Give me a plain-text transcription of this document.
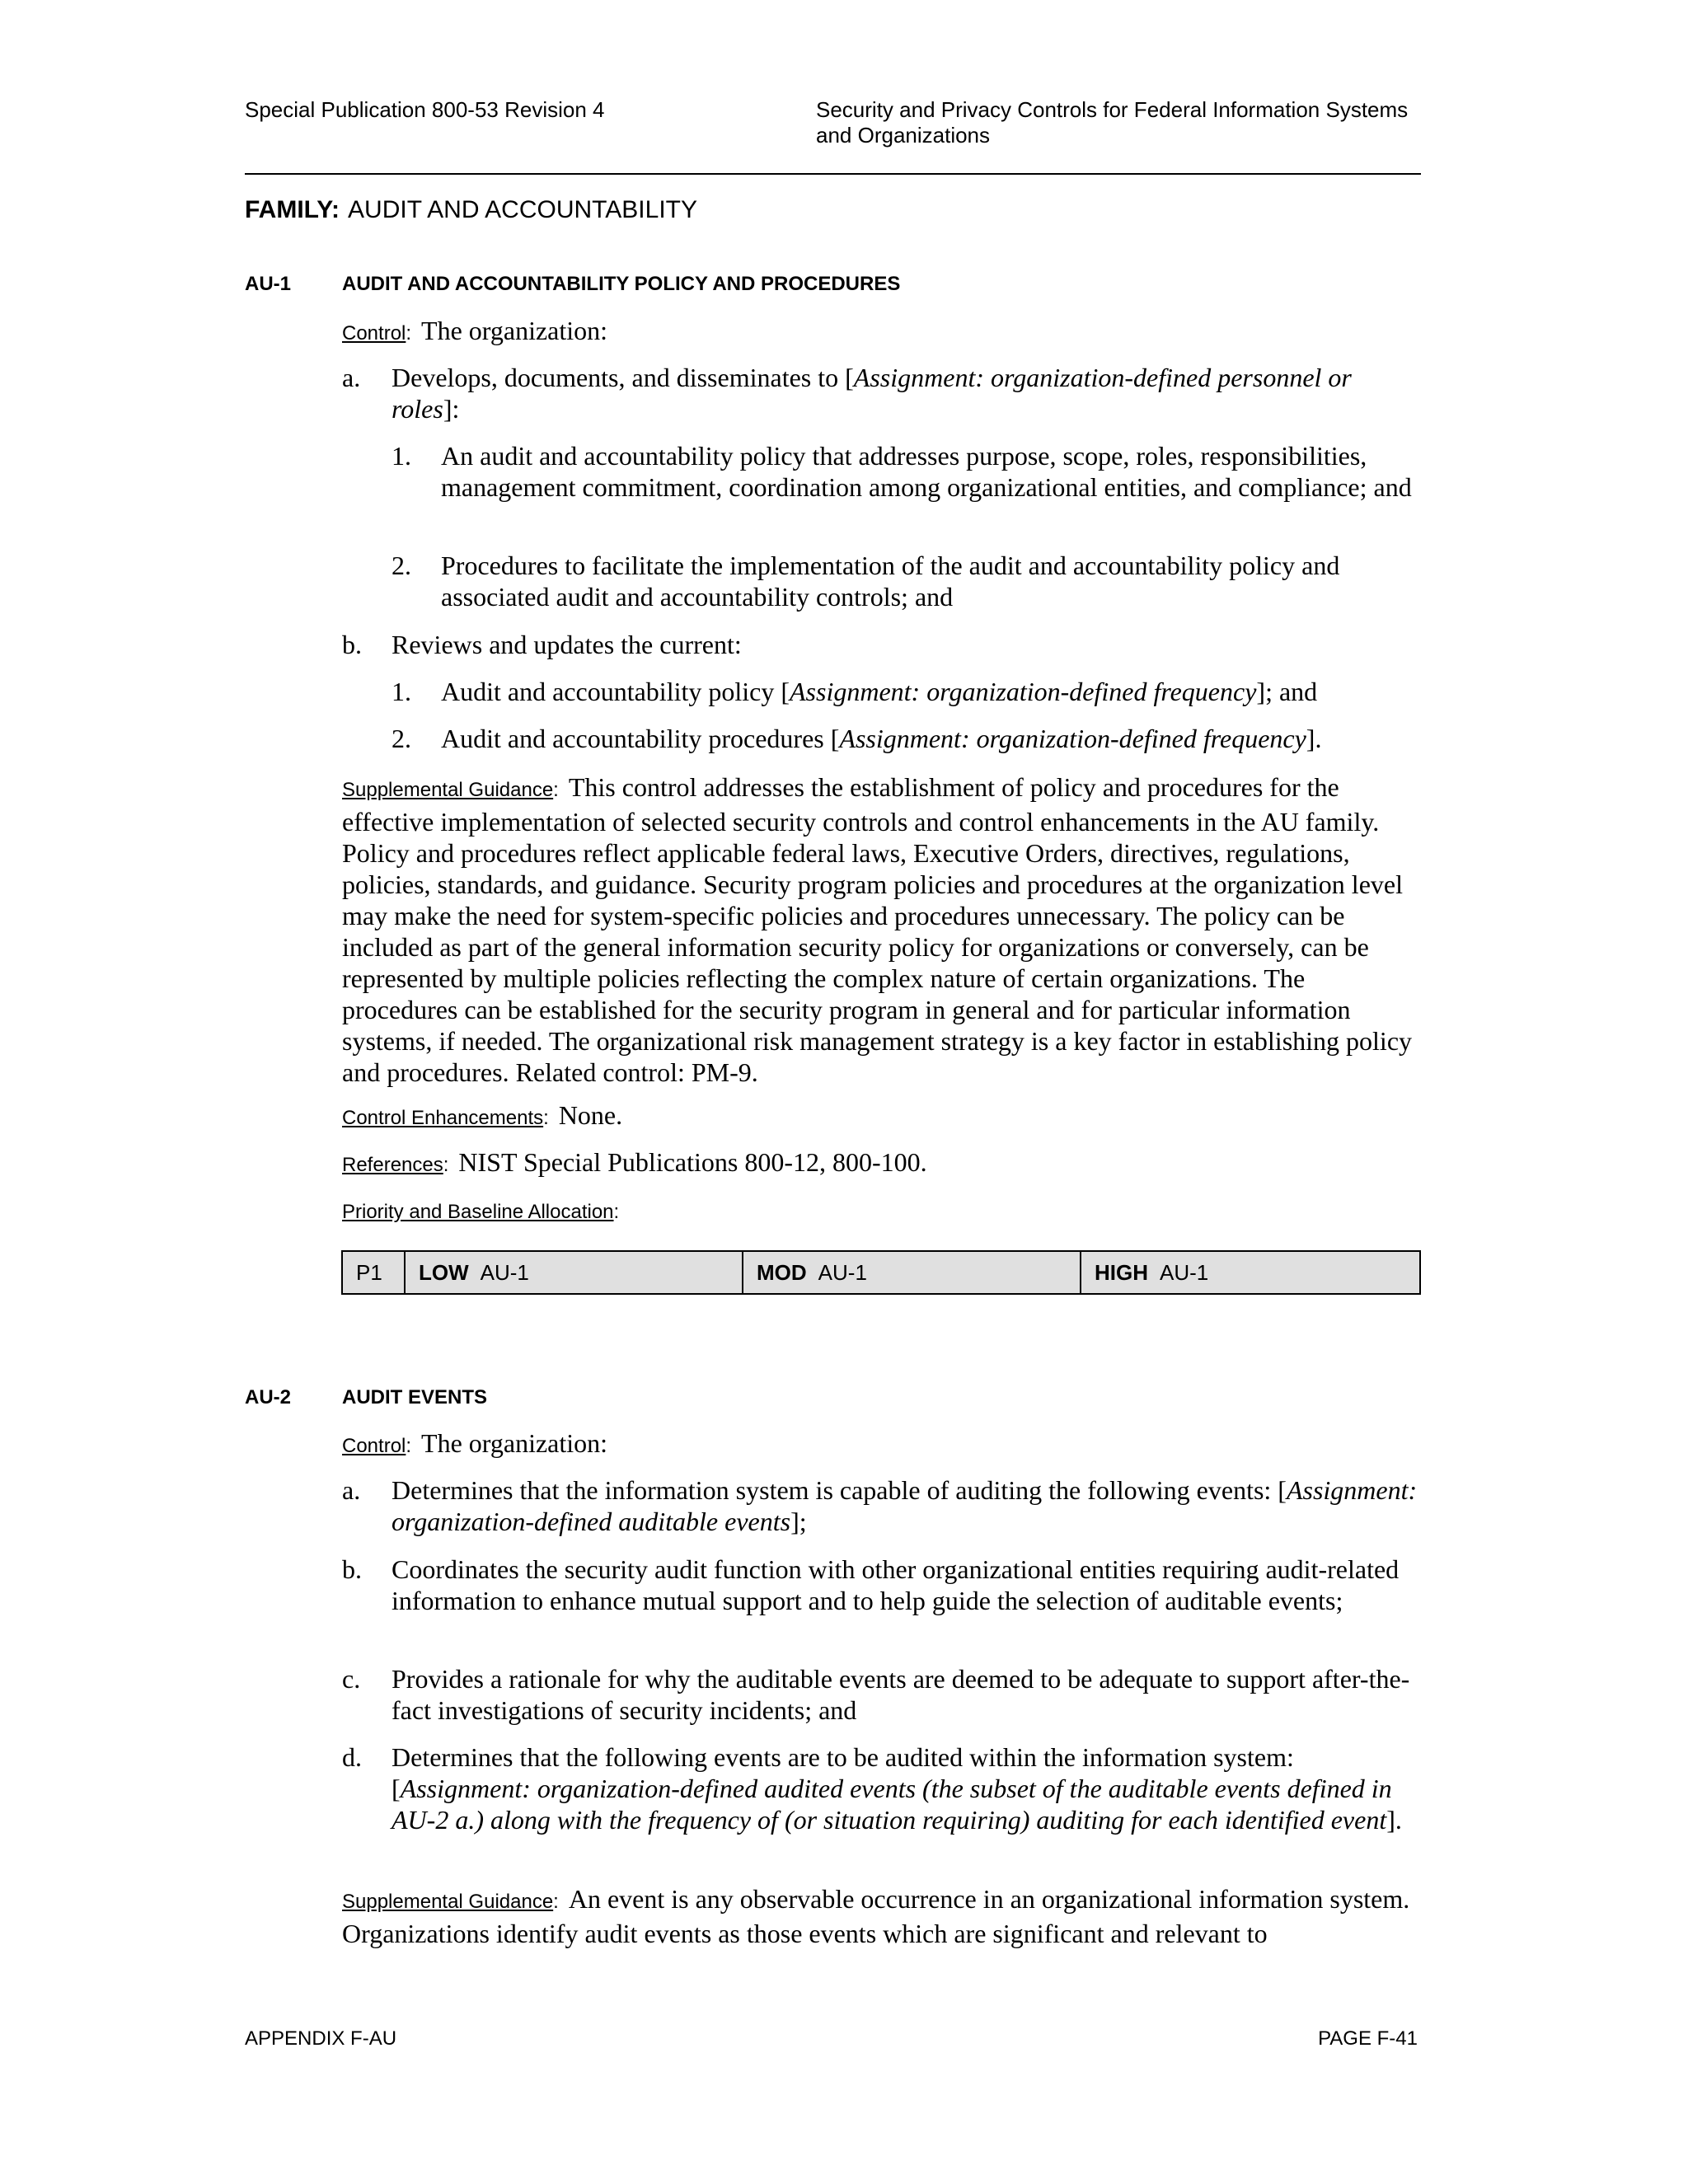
Special Publication 800-53 Revision 4	Security and Privacy Controls for Federal Information Systems
and Organizations
FAMILY: AUDIT AND ACCOUNTABILITY
AU-1	AUDIT AND ACCOUNTABILITY POLICY AND PROCEDURES
Control: The organization:
a. Develops, documents, and disseminates to [Assignment: organization-defined personnel or roles]:
1. An audit and accountability policy that addresses purpose, scope, roles, responsibilities, management commitment, coordination among organizational entities, and compliance; and
2. Procedures to facilitate the implementation of the audit and accountability policy and associated audit and accountability controls; and
b. Reviews and updates the current:
1. Audit and accountability policy [Assignment: organization-defined frequency]; and
2. Audit and accountability procedures [Assignment: organization-defined frequency].
Supplemental Guidance: This control addresses the establishment of policy and procedures for the effective implementation of selected security controls and control enhancements in the AU family. Policy and procedures reflect applicable federal laws, Executive Orders, directives, regulations, policies, standards, and guidance. Security program policies and procedures at the organization level may make the need for system-specific policies and procedures unnecessary. The policy can be included as part of the general information security policy for organizations or conversely, can be represented by multiple policies reflecting the complex nature of certain organizations. The procedures can be established for the security program in general and for particular information systems, if needed. The organizational risk management strategy is a key factor in establishing policy and procedures. Related control: PM-9.
Control Enhancements: None.
References: NIST Special Publications 800-12, 800-100.
Priority and Baseline Allocation:
P1	LOW AU-1	MOD AU-1	HIGH AU-1
AU-2	AUDIT EVENTS
Control: The organization:
a. Determines that the information system is capable of auditing the following events: [Assignment: organization-defined auditable events];
b. Coordinates the security audit function with other organizational entities requiring audit-related information to enhance mutual support and to help guide the selection of auditable events;
c. Provides a rationale for why the auditable events are deemed to be adequate to support after-the-fact investigations of security incidents; and
d. Determines that the following events are to be audited within the information system: [Assignment: organization-defined audited events (the subset of the auditable events defined in AU-2 a.) along with the frequency of (or situation requiring) auditing for each identified event].
Supplemental Guidance: An event is any observable occurrence in an organizational information system. Organizations identify audit events as those events which are significant and relevant to
APPENDIX F-AU	PAGE F-41
